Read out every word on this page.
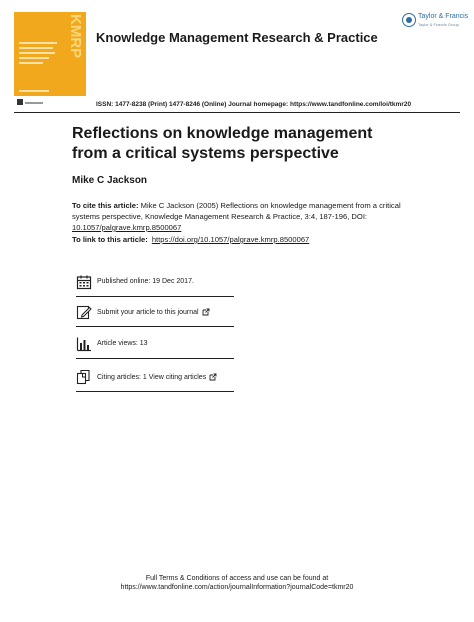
KMRP Knowledge Management Research & Practice
Taylor & Francis
Taylor & Francis Group
ISSN: 1477-8238 (Print) 1477-8246 (Online) Journal homepage: https://www.tandfonline.com/loi/tkmr20
Reflections on knowledge management from a critical systems perspective
Mike C Jackson
To cite this article: Mike C Jackson (2005) Reflections on knowledge management from a critical systems perspective, Knowledge Management Research & Practice, 3:4, 187-196, DOI: 10.1057/palgrave.kmrp.8500067
To link to this article: https://doi.org/10.1057/palgrave.kmrp.8500067
Published online: 19 Dec 2017.
Submit your article to this journal
Article views: 13
Citing articles: 1 View citing articles
Full Terms & Conditions of access and use can be found at
https://www.tandfonline.com/action/journalInformation?journalCode=tkmr20
